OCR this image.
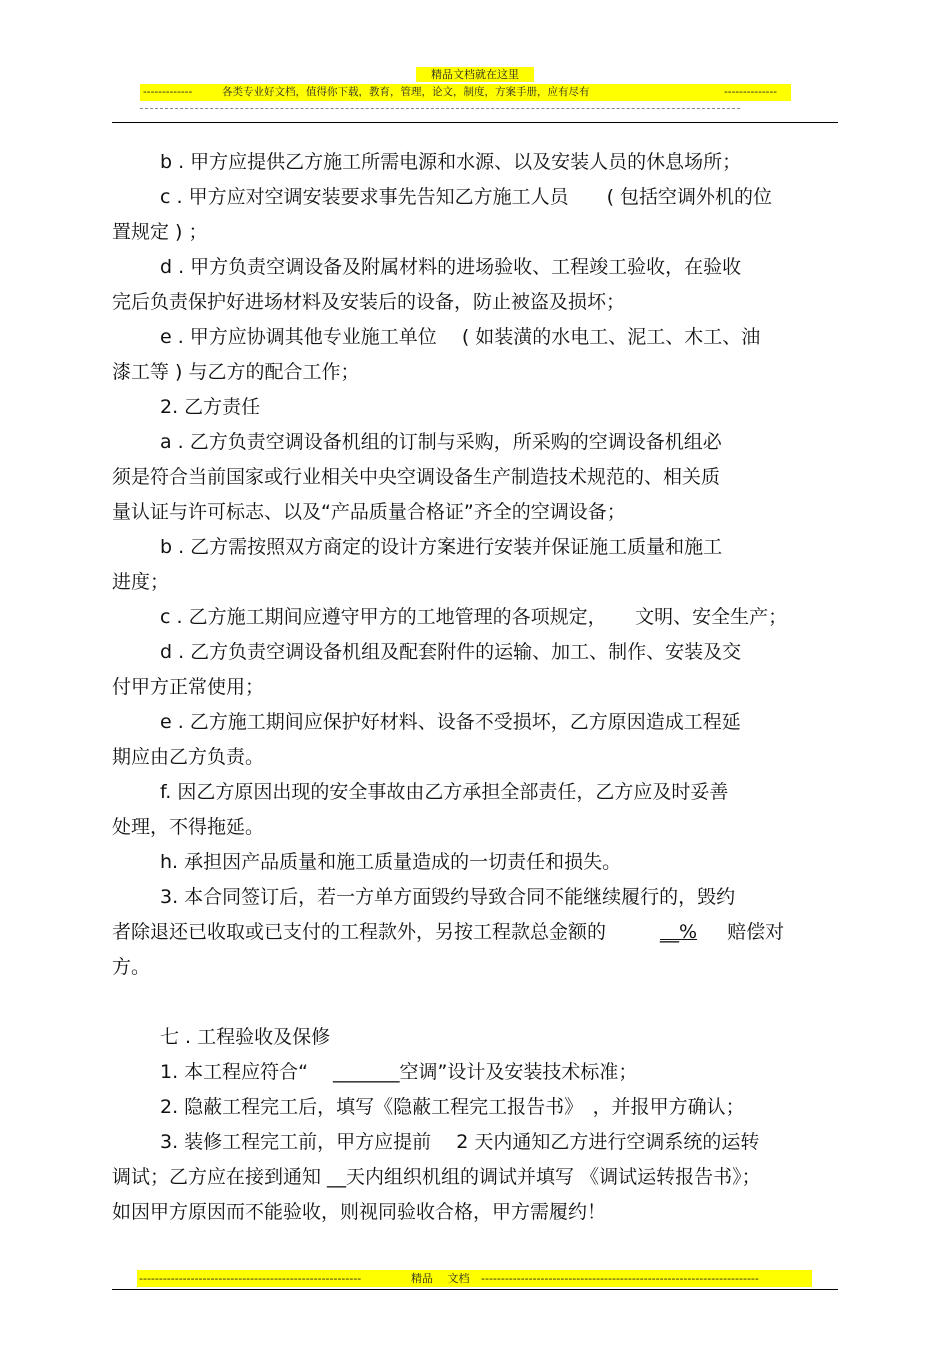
精品文档就在这里
-------------	各类专业好文档，值得你下载，教育，管理，论文，制度，方案手册，应有尽有	--------------

b . 甲方应提供乙方施工所需电源和水源、以及安装人员的休息场所；

c . 甲方应对空调安装要求事先告知乙方施工人员　　( 包括空调外机的位

置规定 ) ；

d . 甲方负责空调设备及附属材料的进场验收、工程竣工验收，在验收

完后负责保护好进场材料及安装后的设备，防止被盗及损坏；

e . 甲方应协调其他专业施工单位　 ( 如装潢的水电工、泥工、木工、油

漆工等 ) 与乙方的配合工作；

2. 乙方责任

a . 乙方负责空调设备机组的订制与采购，所采购的空调设备机组必

须是符合当前国家或行业相关中央空调设备生产制造技术规范的、相关质

量认证与许可标志、以及“产品质量合格证”齐全的空调设备；

b . 乙方需按照双方商定的设计方案进行安装并保证施工质量和施工

进度；

c . 乙方施工期间应遵守甲方的工地管理的各项规定，　　文明、安全生产；

d . 乙方负责空调设备机组及配套附件的运输、加工、制作、安装及交

付甲方正常使用；

e . 乙方施工期间应保护好材料、设备不受损坏，乙方原因造成工程延

期应由乙方负责。

f. 因乙方原因出现的安全事故由乙方承担全部责任，乙方应及时妥善

处理，不得拖延。

h. 承担因产品质量和施工质量造成的一切责任和损失。

3. 本合同签订后，若一方单方面毁约导致合同不能继续履行的，毁约

者除退还已收取或已支付的工程款外，另按工程款总金额的	__% 赔偿对

方。

七 . 工程验收及保修

1. 本工程应符合“　 _______空调”设计及安装技术标准；

2. 隐蔽工程完工后，填写《隐蔽工程完工报告书》　，并报甲方确认；

3. 装修工程完工前，甲方应提前　 2 天内通知乙方进行空调系统的运转

调试；乙方应在接到通知 __天内组织机组的调试并填写 《调试运转报告书》；

如因甲方原因而不能验收，则视同验收合格，甲方需履约！

--------------------------------------------------------	精品　 文档 ----------------------------------------------------------------------
